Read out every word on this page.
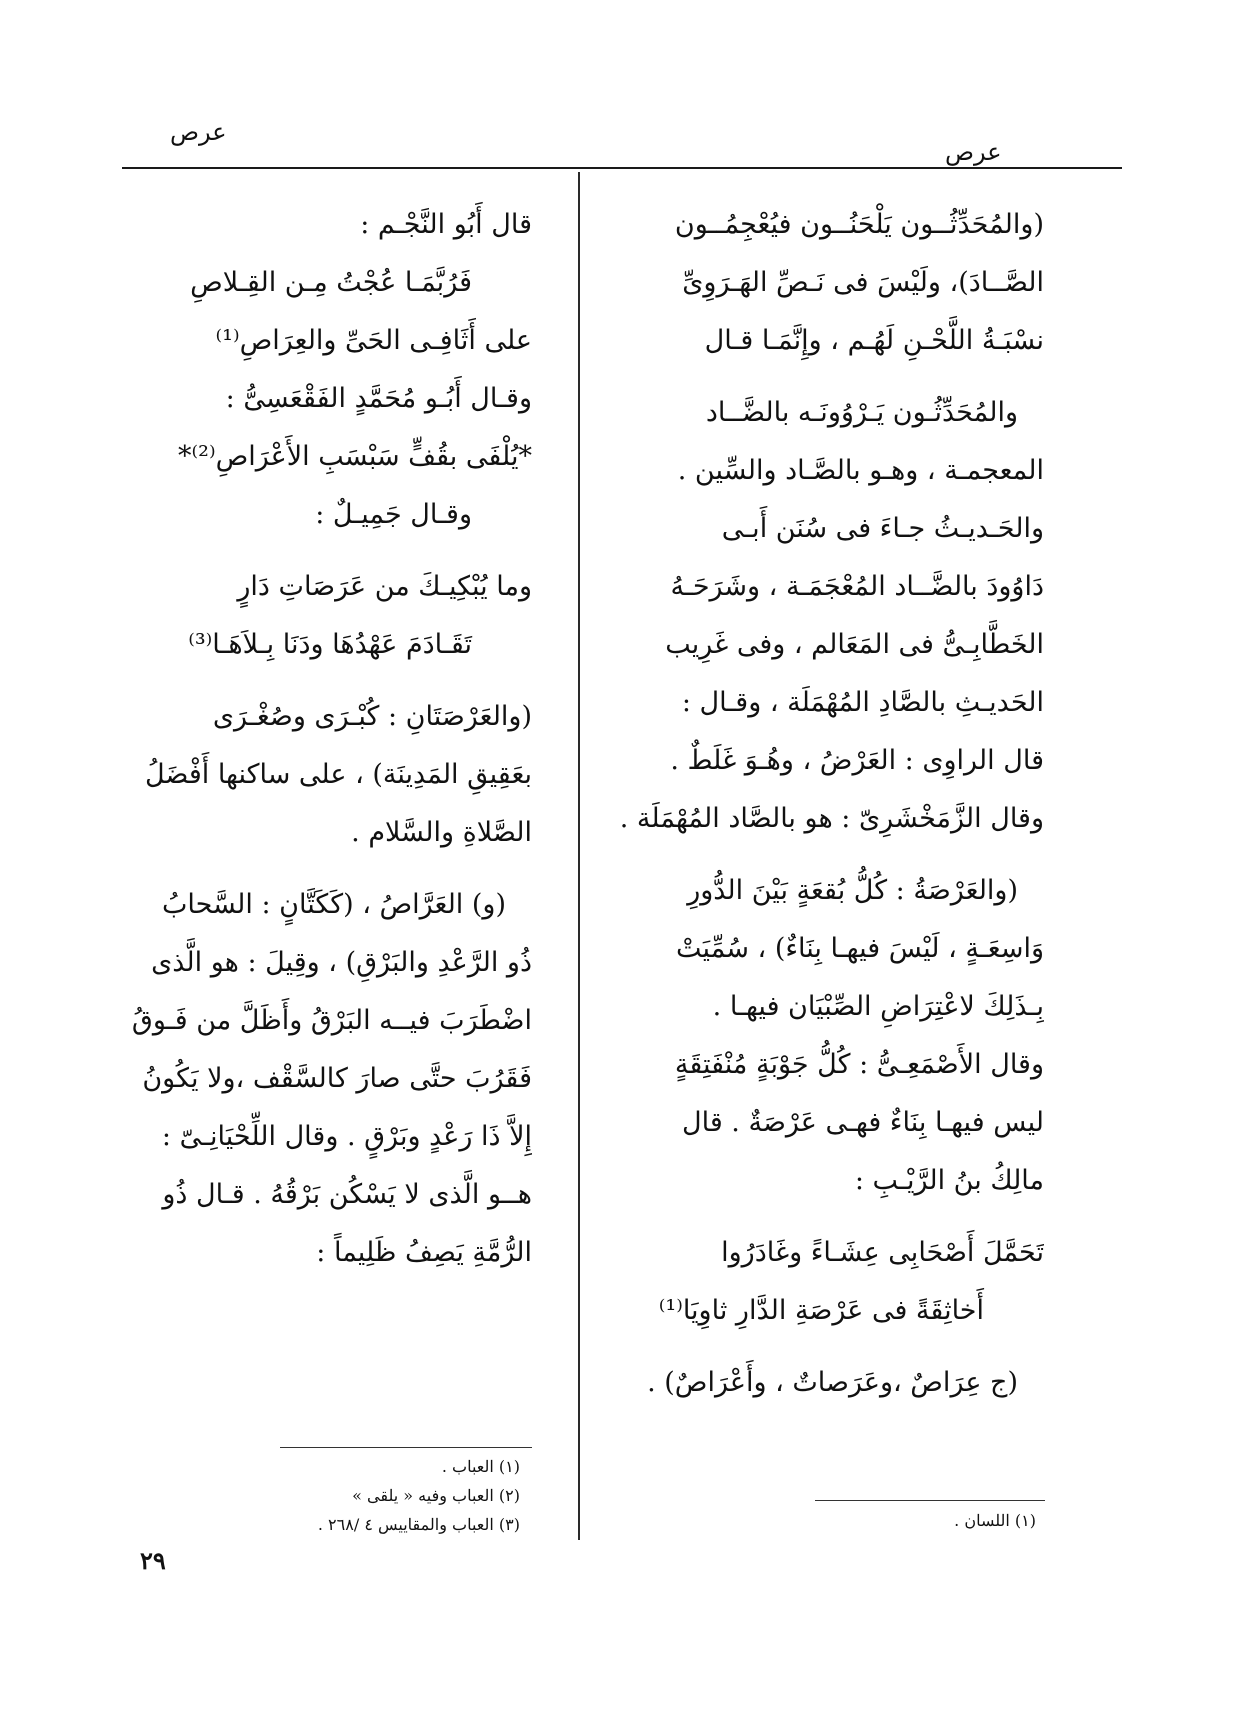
عرص
عرص
(والمُحَدِّثُــون يَلْحَنُــون فيُعْجِمُــون
الصَّــادَ)، ولَيْسَ فى نَـصِّ الهَـرَوِىِّ
نسْبَـةُ اللَّحْـنِ لَهُـم ، وإِنَّمَـا قـال
والمُحَدِّثُـون يَـرْوُونَـه بالضَّــاد
المعجمـة ، وهـو بالصَّـاد والسِّين .
والحَـديـثُ جـاءَ فى سُنَن أَبـى
دَاوُودَ بالضَّــاد المُعْجَمَـة ، وشَرَحَـهُ
الخَطَّابِـىُّ فى المَعَالم ، وفى غَرِيب
الحَديـثِ بالصَّادِ المُهْمَلَة ، وقـال :
قال الراوِى : العَرْضُ ، وهُـوَ غَلَطٌ .
وقال الزَّمَخْشَرِىّ : هو بالصَّاد المُهْمَلَة .
(والعَرْصَةُ : كُلُّ بُقعَةٍ بَيْنَ الدُّورِ
وَاسِعَـةٍ ، لَيْسَ فيهـا بِنَاءٌ) ، سُمِّيَتْ
بِـذَلِكَ لاعْتِرَاضِ الصِّبْيَان فيهـا .
وقال الأَصْمَعِـىُّ : كُلُّ جَوْبَةٍ مُنْفَتِقَةٍ
ليس فيهـا بِنَاءٌ فهـى عَرْصَةٌ . قال
مالِكُ بنُ الرَّيْـبِ :
تَحَمَّلَ أَصْحَابِى عِشَـاءً وغَادَرُوا
أَخاثِقَةً فى عَرْصَةِ الدَّارِ ثاوِيَا⁽¹⁾
(ج عِرَاصٌ ،وعَرَصاتٌ ، وأَعْرَاصٌ) .
قال أَبُو النَّجْـم :
فَرُبَّمَـا عُجْتُ مِـن القِـلاصِ
على أَثَافِـى الحَىِّ والعِرَاصِ⁽¹⁾
وقـال أَبُـو مُحَمَّدٍ الفَقْعَسِىُّ :
*يُلْفَى بقُفٍّ سَبْسَبِ الأَعْرَاصِ⁽²⁾*
وقـال جَمِيـلٌ :
وما يُبْكِيـكَ من عَرَصَاتِ دَارٍ
تَقَـادَمَ عَهْدُهَا ودَنَا بِـلاَهَـا⁽³⁾
(والعَرْصَتَانِ : كُبْـرَى وصُغْـرَى
بعَقِيقِ المَدِينَة) ، على ساكنها أَفْضَلُ
الصَّلاةِ والسَّلام .
(و) العَرَّاصُ ، (كَكَتَّانٍ : السَّحابُ
ذُو الرَّعْدِ والبَرْقِ) ، وقِيلَ : هو الَّذى
اضْطَرَبَ فيــه البَرْقُ وأَظَلَّ من فَـوقُ
فَقَرُبَ حتَّى صارَ كالسَّقْف ،ولا يَكُونُ
إِلاَّ ذَا رَعْدٍ وبَرْقٍ . وقال اللِّحْيَانِـىّ :
هــو الَّذى لا يَسْكُن بَرْقُهُ . قـال ذُو
الرُّمَّةِ يَصِفُ ظَلِيماً :
(١) العباب .
(٢) العباب وفيه « يلقى »
(٣) العباب والمقاييس ٤ /٢٦٨ .	(١) اللسان .
٢٩
